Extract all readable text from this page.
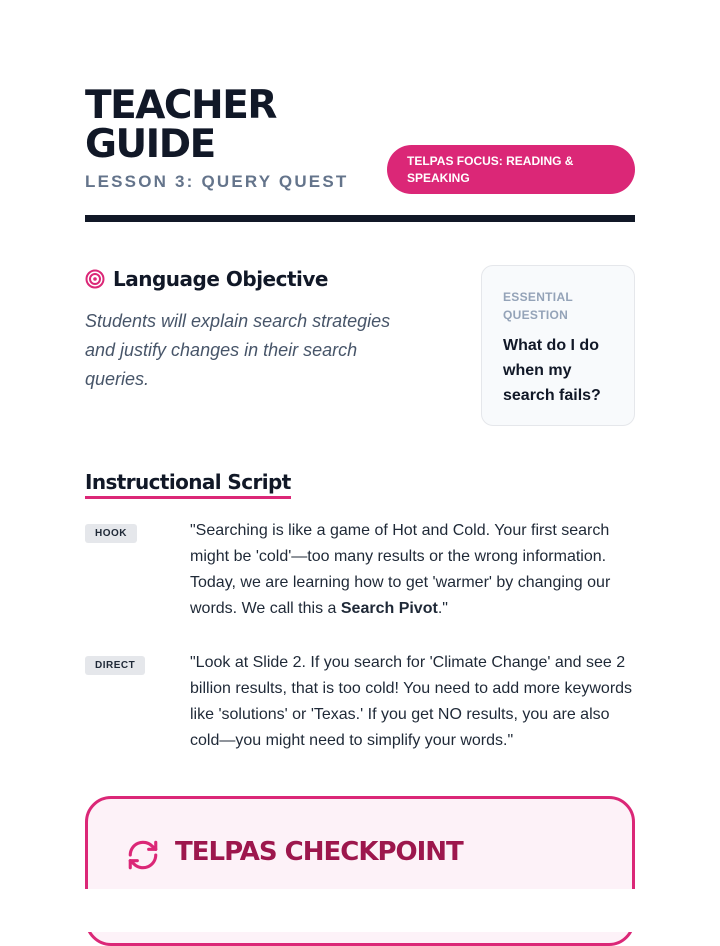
TEACHER
GUIDE
LESSON 3: QUERY QUEST
TELPAS FOCUS: READING & SPEAKING
Language Objective

Students will explain search strategies and justify changes in their search queries.

ESSENTIAL QUESTION
What do I do when my search fails?
Instructional Script
HOOK	"Searching is like a game of Hot and Cold. Your first search might be 'cold'—too many results or the wrong information. Today, we are learning how to get 'warmer' by changing our words. We call this a Search Pivot."

DIRECT	"Look at Slide 2. If you search for 'Climate Change' and see 2 billion results, that is too cold! You need to add more keywords like 'solutions' or 'Texas.' If you get NO results, you are also cold—you might need to simplify your words."

TELPAS CHECKPOINT
